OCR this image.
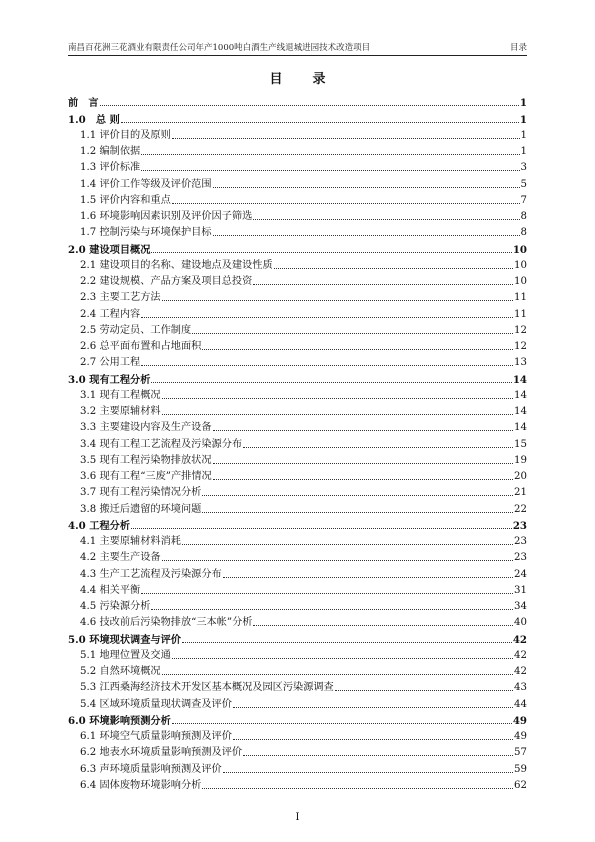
南昌百花洲三花酒业有限责任公司年产1000吨白酒生产线退城进园技术改造项目	目录
目录
前　言	1
1.0　总 则	1
1.1 评价目的及原则	1
1.2 编制依据	1
1.3 评价标准	3
1.4 评价工作等级及评价范围	5
1.5 评价内容和重点	7
1.6 环境影响因素识别及评价因子筛选	8
1.7 控制污染与环境保护目标	8
2.0 建设项目概况	10
2.1 建设项目的名称、建设地点及建设性质	10
2.2 建设规模、产品方案及项目总投资	10
2.3 主要工艺方法	11
2.4 工程内容	11
2.5 劳动定员、工作制度	12
2.6 总平面布置和占地面积	12
2.7 公用工程	13
3.0 现有工程分析	14
3.1 现有工程概况	14
3.2 主要原辅材料	14
3.3 主要建设内容及生产设备	14
3.4 现有工程工艺流程及污染源分布	15
3.5 现有工程污染物排放状况	19
3.6 现有工程“三废”产排情况	20
3.7 现有工程污染情况分析	21
3.8 搬迁后遗留的环境问题	22
4.0 工程分析	23
4.1 主要原辅材料消耗	23
4.2 主要生产设备	23
4.3 生产工艺流程及污染源分布	24
4.4 相关平衡	31
4.5 污染源分析	34
4.6 技改前后污染物排放“三本帐”分析	40
5.0 环境现状调查与评价	42
5.1 地理位置及交通	42
5.2 自然环境概况	42
5.3 江西桑海经济技术开发区基本概况及园区污染源调查	43
5.4 区域环境质量现状调查及评价	44
6.0 环境影响预测分析	49
6.1 环境空气质量影响预测及评价	49
6.2 地表水环境质量影响预测及评价	57
6.3 声环境质量影响预测及评价	59
6.4 固体废物环境影响分析	62
I
